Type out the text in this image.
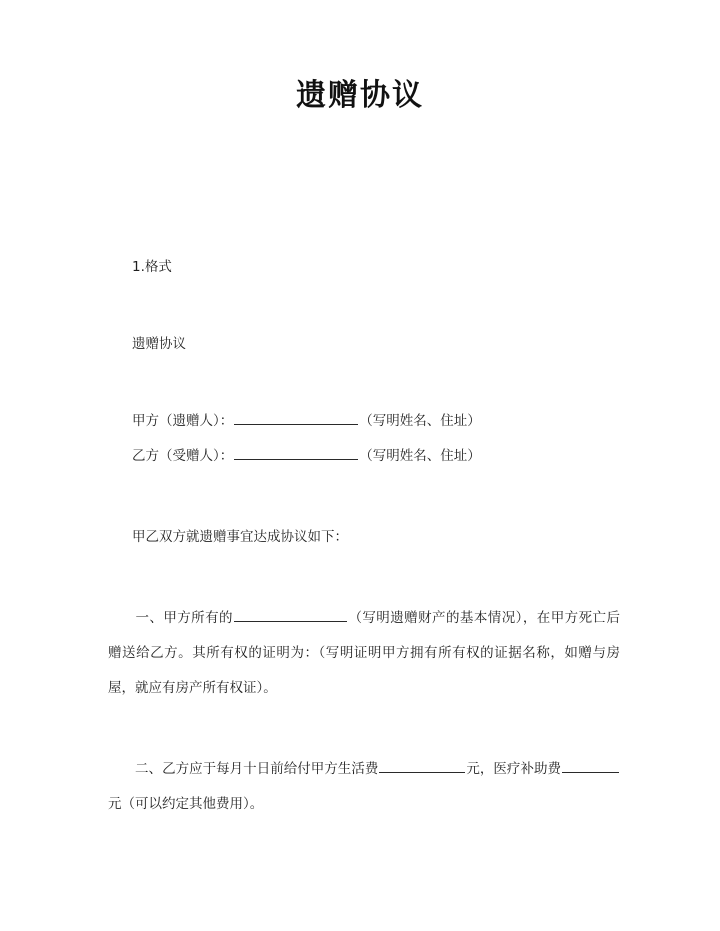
遗赠协议
1.格式
遗赠协议
甲方（遗赠人）：	（写明姓名、住址）
乙方（受赠人）：	（写明姓名、住址）
甲乙双方就遗赠事宜达成协议如下：
一、甲方所有的	（写明遗赠财产的基本情况），在甲方死亡后赠送给乙方。其所有权的证明为：（写明证明甲方拥有所有权的证据名称，如赠与房屋，就应有房产所有权证）。
二、乙方应于每月十日前给付甲方生活费	元，医疗补助费元（可以约定其他费用）。
